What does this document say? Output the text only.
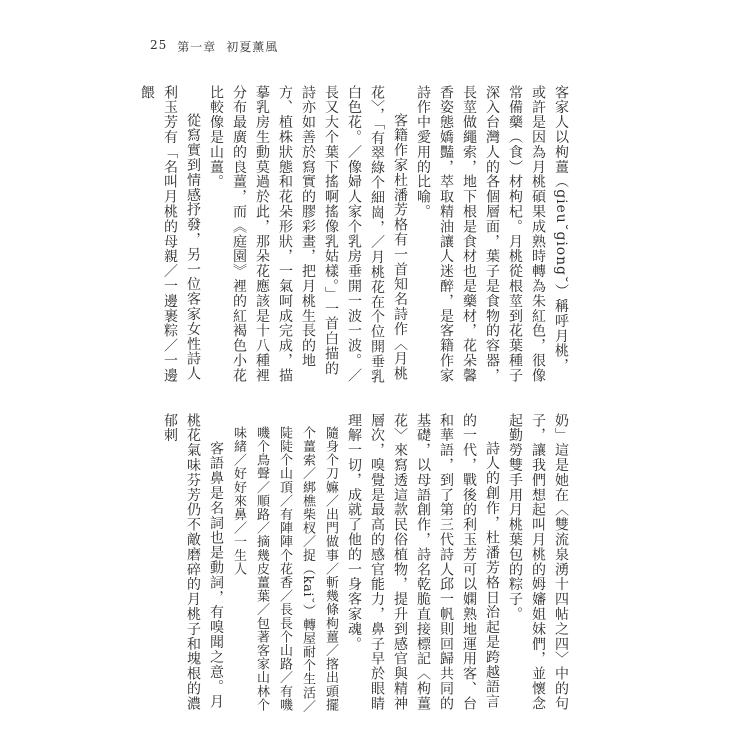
25 第一章 初夏薰風

客家人以枸薑（gieu˘giong˘）稱呼月桃，或許是因為月桃碩果成熟時轉為朱紅色，很像常備藥（食）材枸杞。月桃從根莖到花葉種子深入台灣人的各個層面，葉子是食物的容器，長莖做繩索，地下根是食材也是藥材，花朵馨香姿態嬌豔，萃取精油讓人迷醉，是客籍作家詩作中愛用的比喻。

客籍作家杜潘芳格有一首知名詩作〈月桃花〉，「有翠綠个細崗，／月桃花在个位開垂乳白色花。／像婦人家个乳房垂開一波一波。／長又大个葉下搖啊搖像乳姑樣。」一首白描的詩亦如善於寫實的膠彩畫，把月桃生長的地方、植株狀態和花朵形狀，一氣呵成完成，描摹乳房生動莫過於此，那朵花應該是十八種裡分布最廣的良薑，而《庭園》裡的紅褐色小花比較像是山薑。

從寫實到情感抒發，另一位客家女性詩人利玉芳有「名叫月桃的母親／一邊裹粽／一邊餵

奶」這是她在〈雙流泉湧十四帖之四〉中的句子，讓我們想起叫月桃的姆嬸姐妹們，並懷念起勤勞雙手用月桃葉包的粽子。

詩人的創作，杜潘芳格日治起是跨越語言的一代，戰後的利玉芳可以嫻熟地運用客、台和華語，到了第三代詩人邱一帆則回歸共同的基礎，以母語創作，詩名乾脆直接標記〈枸薑花〉來寫透這款民俗植物，提升到感官與精神層次，嗅覺是最高的感官能力，鼻子早於眼睛理解一切，成就了他的一身客家魂。

隨身个刀嫲／出門做事／斬幾條枸薑／揢出頭擺个薑索／綁樵柴杈／捉（kai˘）轉屋耐个生活／陡陡个山頂／有陣陣个花香／長長个山路／有嘰嘰个鳥聲／順路／摘幾皮薑葉／包著客家山林个味緒／好好來鼻／一生人

客語鼻是名詞也是動詞，有嗅聞之意。月桃花氣味芬芳仍不敵磨碎的月桃子和塊根的濃郁刺
